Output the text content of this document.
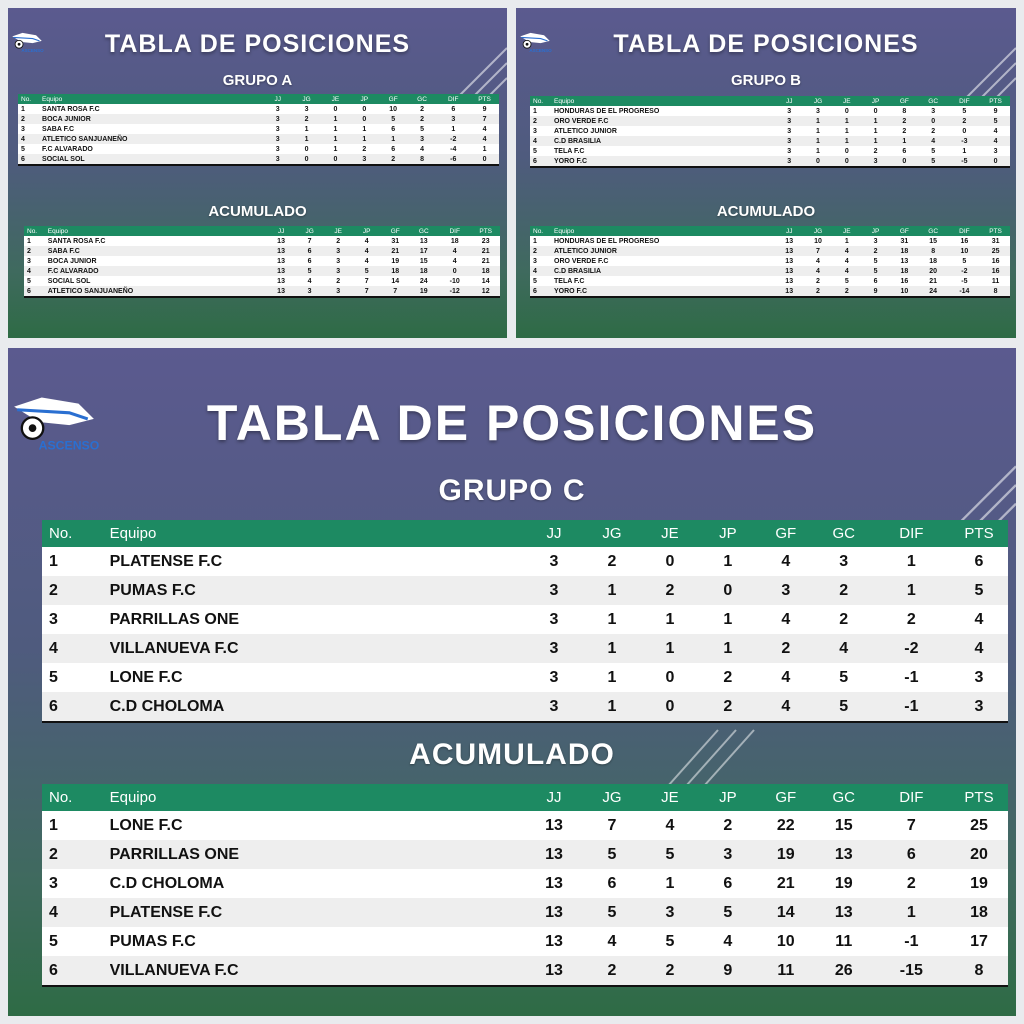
ASCENSO	TABLA DE POSICIONES
GRUPO A
No.	Equipo	JJ	JG	JE	JP	GF	GC	DIF	PTS
1	SANTA ROSA F.C	3	3	0	0	10	2	6	9
2	BOCA JUNIOR	3	2	1	0	5	2	3	7
3	SABA F.C	3	1	1	1	6	5	1	4
4	ATLETICO SANJUANEÑO	3	1	1	1	1	3	-2	4
5	F.C ALVARADO	3	0	1	2	6	4	-4	1
6	SOCIAL SOL	3	0	0	3	2	8	-6	0
ACUMULADO
No.	Equipo	JJ	JG	JE	JP	GF	GC	DIF	PTS
1	SANTA ROSA F.C	13	7	2	4	31	13	18	23
2	SABA F.C	13	6	3	4	21	17	4	21
3	BOCA JUNIOR	13	6	3	4	19	15	4	21
4	F.C ALVARADO	13	5	3	5	18	18	0	18
5	SOCIAL SOL	13	4	2	7	14	24	-10	14
6	ATLETICO SANJUANEÑO	13	3	3	7	7	19	-12	12
ASCENSO	TABLA DE POSICIONES
GRUPO B
No.	Equipo	JJ	JG	JE	JP	GF	GC	DIF	PTS
1	HONDURAS DE EL PROGRESO	3	3	0	0	8	3	5	9
2	ORO VERDE F.C	3	1	1	1	2	0	2	5
3	ATLETICO JUNIOR	3	1	1	1	2	2	0	4
4	C.D BRASILIA	3	1	1	1	1	4	-3	4
5	TELA F.C	3	1	0	2	6	5	1	3
6	YORO F.C	3	0	0	3	0	5	-5	0
ACUMULADO
No.	Equipo	JJ	JG	JE	JP	GF	GC	DIF	PTS
1	HONDURAS DE EL PROGRESO	13	10	1	3	31	15	16	31
2	ATLETICO JUNIOR	13	7	4	2	18	8	10	25
3	ORO VERDE F.C	13	4	4	5	13	18	5	16
4	C.D BRASILIA	13	4	4	5	18	20	-2	16
5	TELA F.C	13	2	5	6	16	21	-5	11
6	YORO F.C	13	2	2	9	10	24	-14	8
ASCENSO	TABLA DE POSICIONES
GRUPO C
No.	Equipo	JJ	JG	JE	JP	GF	GC	DIF	PTS
1	PLATENSE F.C	3	2	0	1	4	3	1	6
2	PUMAS F.C	3	1	2	0	3	2	1	5
3	PARRILLAS ONE	3	1	1	1	4	2	2	4
4	VILLANUEVA F.C	3	1	1	1	2	4	-2	4
5	LONE F.C	3	1	0	2	4	5	-1	3
6	C.D CHOLOMA	3	1	0	2	4	5	-1	3
ACUMULADO
No.	Equipo	JJ	JG	JE	JP	GF	GC	DIF	PTS
1	LONE F.C	13	7	4	2	22	15	7	25
2	PARRILLAS ONE	13	5	5	3	19	13	6	20
3	C.D CHOLOMA	13	6	1	6	21	19	2	19
4	PLATENSE F.C	13	5	3	5	14	13	1	18
5	PUMAS F.C	13	4	5	4	10	11	-1	17
6	VILLANUEVA F.C	13	2	2	9	11	26	-15	8
